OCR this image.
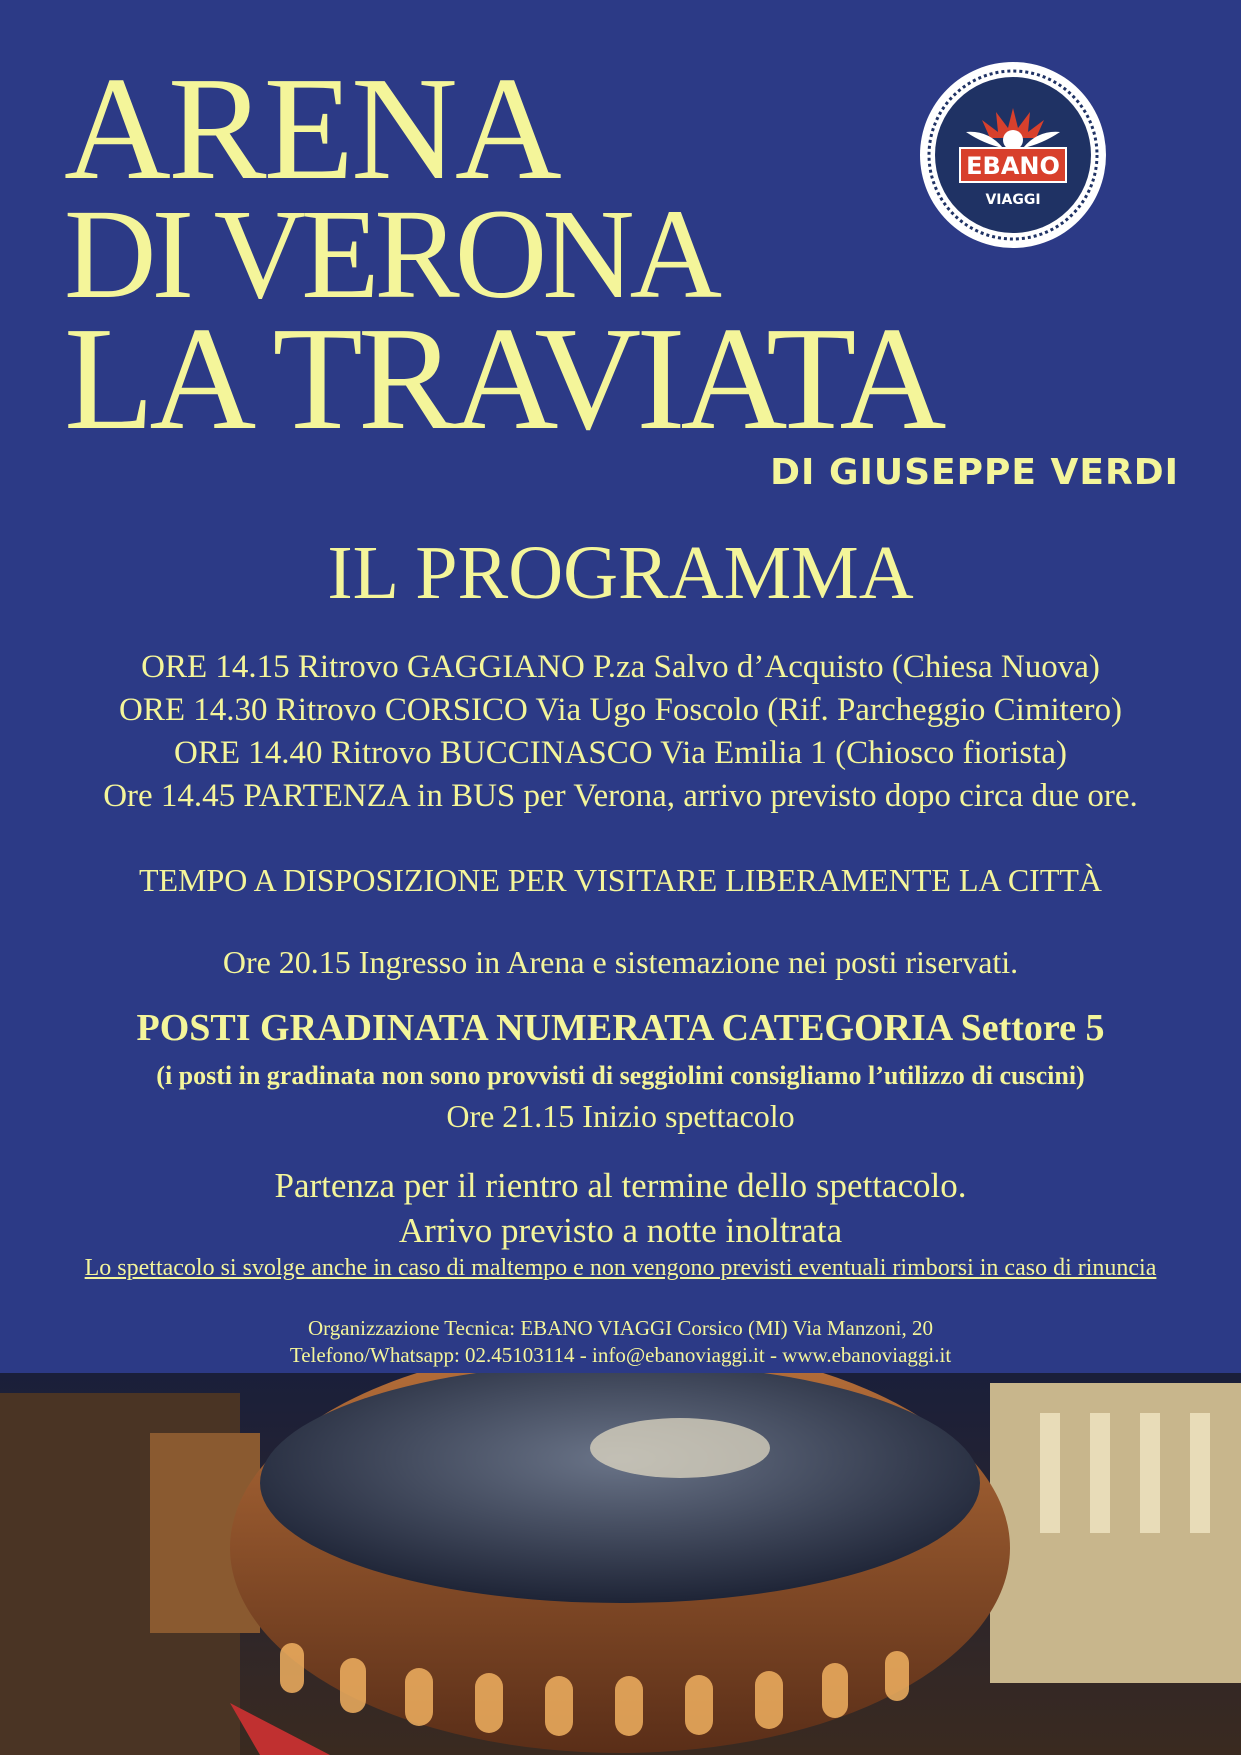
ARENA
DI VERONA
LA TRAVIATA
DI GIUSEPPE VERDI
EBANO
VIAGGI
IL PROGRAMMA
ORE 14.15 Ritrovo GAGGIANO P.za Salvo d’Acquisto (Chiesa Nuova)
ORE 14.30 Ritrovo CORSICO Via Ugo Foscolo (Rif. Parcheggio Cimitero)
ORE 14.40 Ritrovo BUCCINASCO Via Emilia 1 (Chiosco fiorista)
Ore 14.45 PARTENZA in BUS per Verona, arrivo previsto dopo circa due ore.
TEMPO A DISPOSIZIONE PER VISITARE LIBERAMENTE LA CITTÀ
Ore 20.15 Ingresso in Arena e sistemazione nei posti riservati.
POSTI GRADINATA NUMERATA CATEGORIA Settore 5
(i posti in gradinata non sono provvisti di seggiolini consigliamo l’utilizzo di cuscini)
Ore 21.15 Inizio spettacolo
Partenza per il rientro al termine dello spettacolo.
Arrivo previsto a notte inoltrata
Lo spettacolo si svolge anche in caso di maltempo e non vengono previsti eventuali rimborsi in caso di rinuncia
Organizzazione Tecnica: EBANO VIAGGI Corsico (MI) Via Manzoni, 20
Telefono/Whatsapp: 02.45103114 - info@ebanoviaggi.it - www.ebanoviaggi.it
